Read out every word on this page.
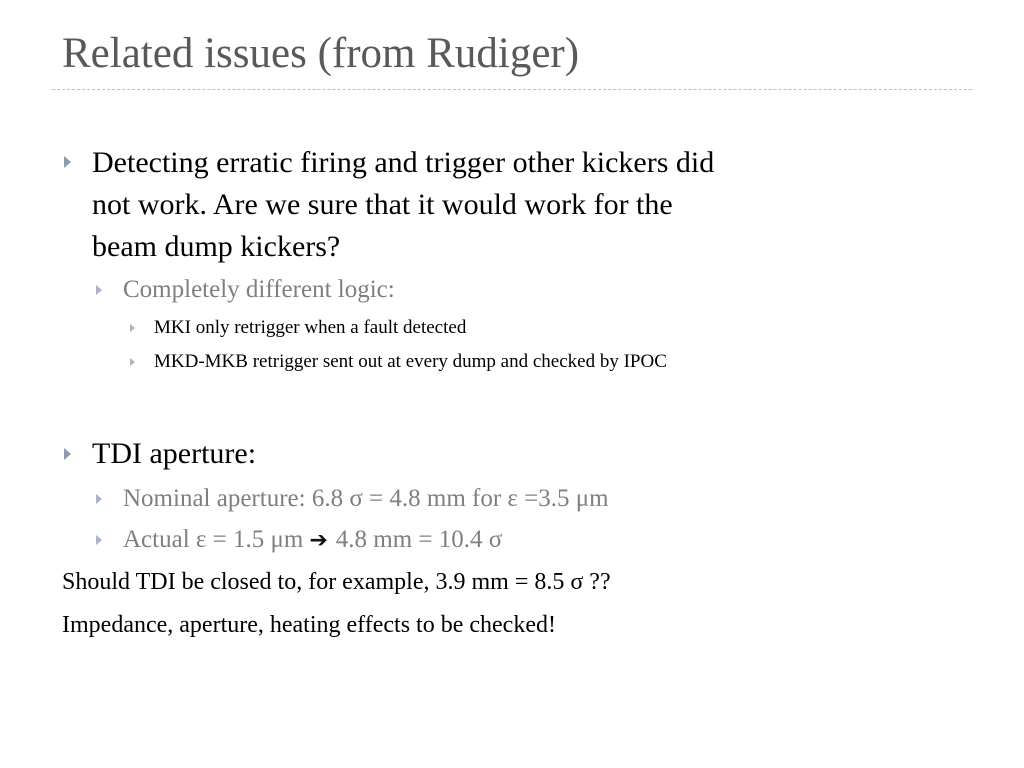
Related issues (from Rudiger)
Detecting erratic firing and trigger other kickers did
not work. Are we sure that it would work for the
beam dump kickers?
Completely different logic:
MKI only retrigger when a fault detected
MKD-MKB retrigger sent out at every dump and checked by IPOC
TDI aperture:
Nominal aperture: 6.8 σ = 4.8 mm for ε =3.5 μm
Actual ε = 1.5 μm ➔ 4.8 mm = 10.4 σ
Should TDI be closed to, for example, 3.9 mm = 8.5 σ ??
Impedance, aperture, heating effects to be checked!
